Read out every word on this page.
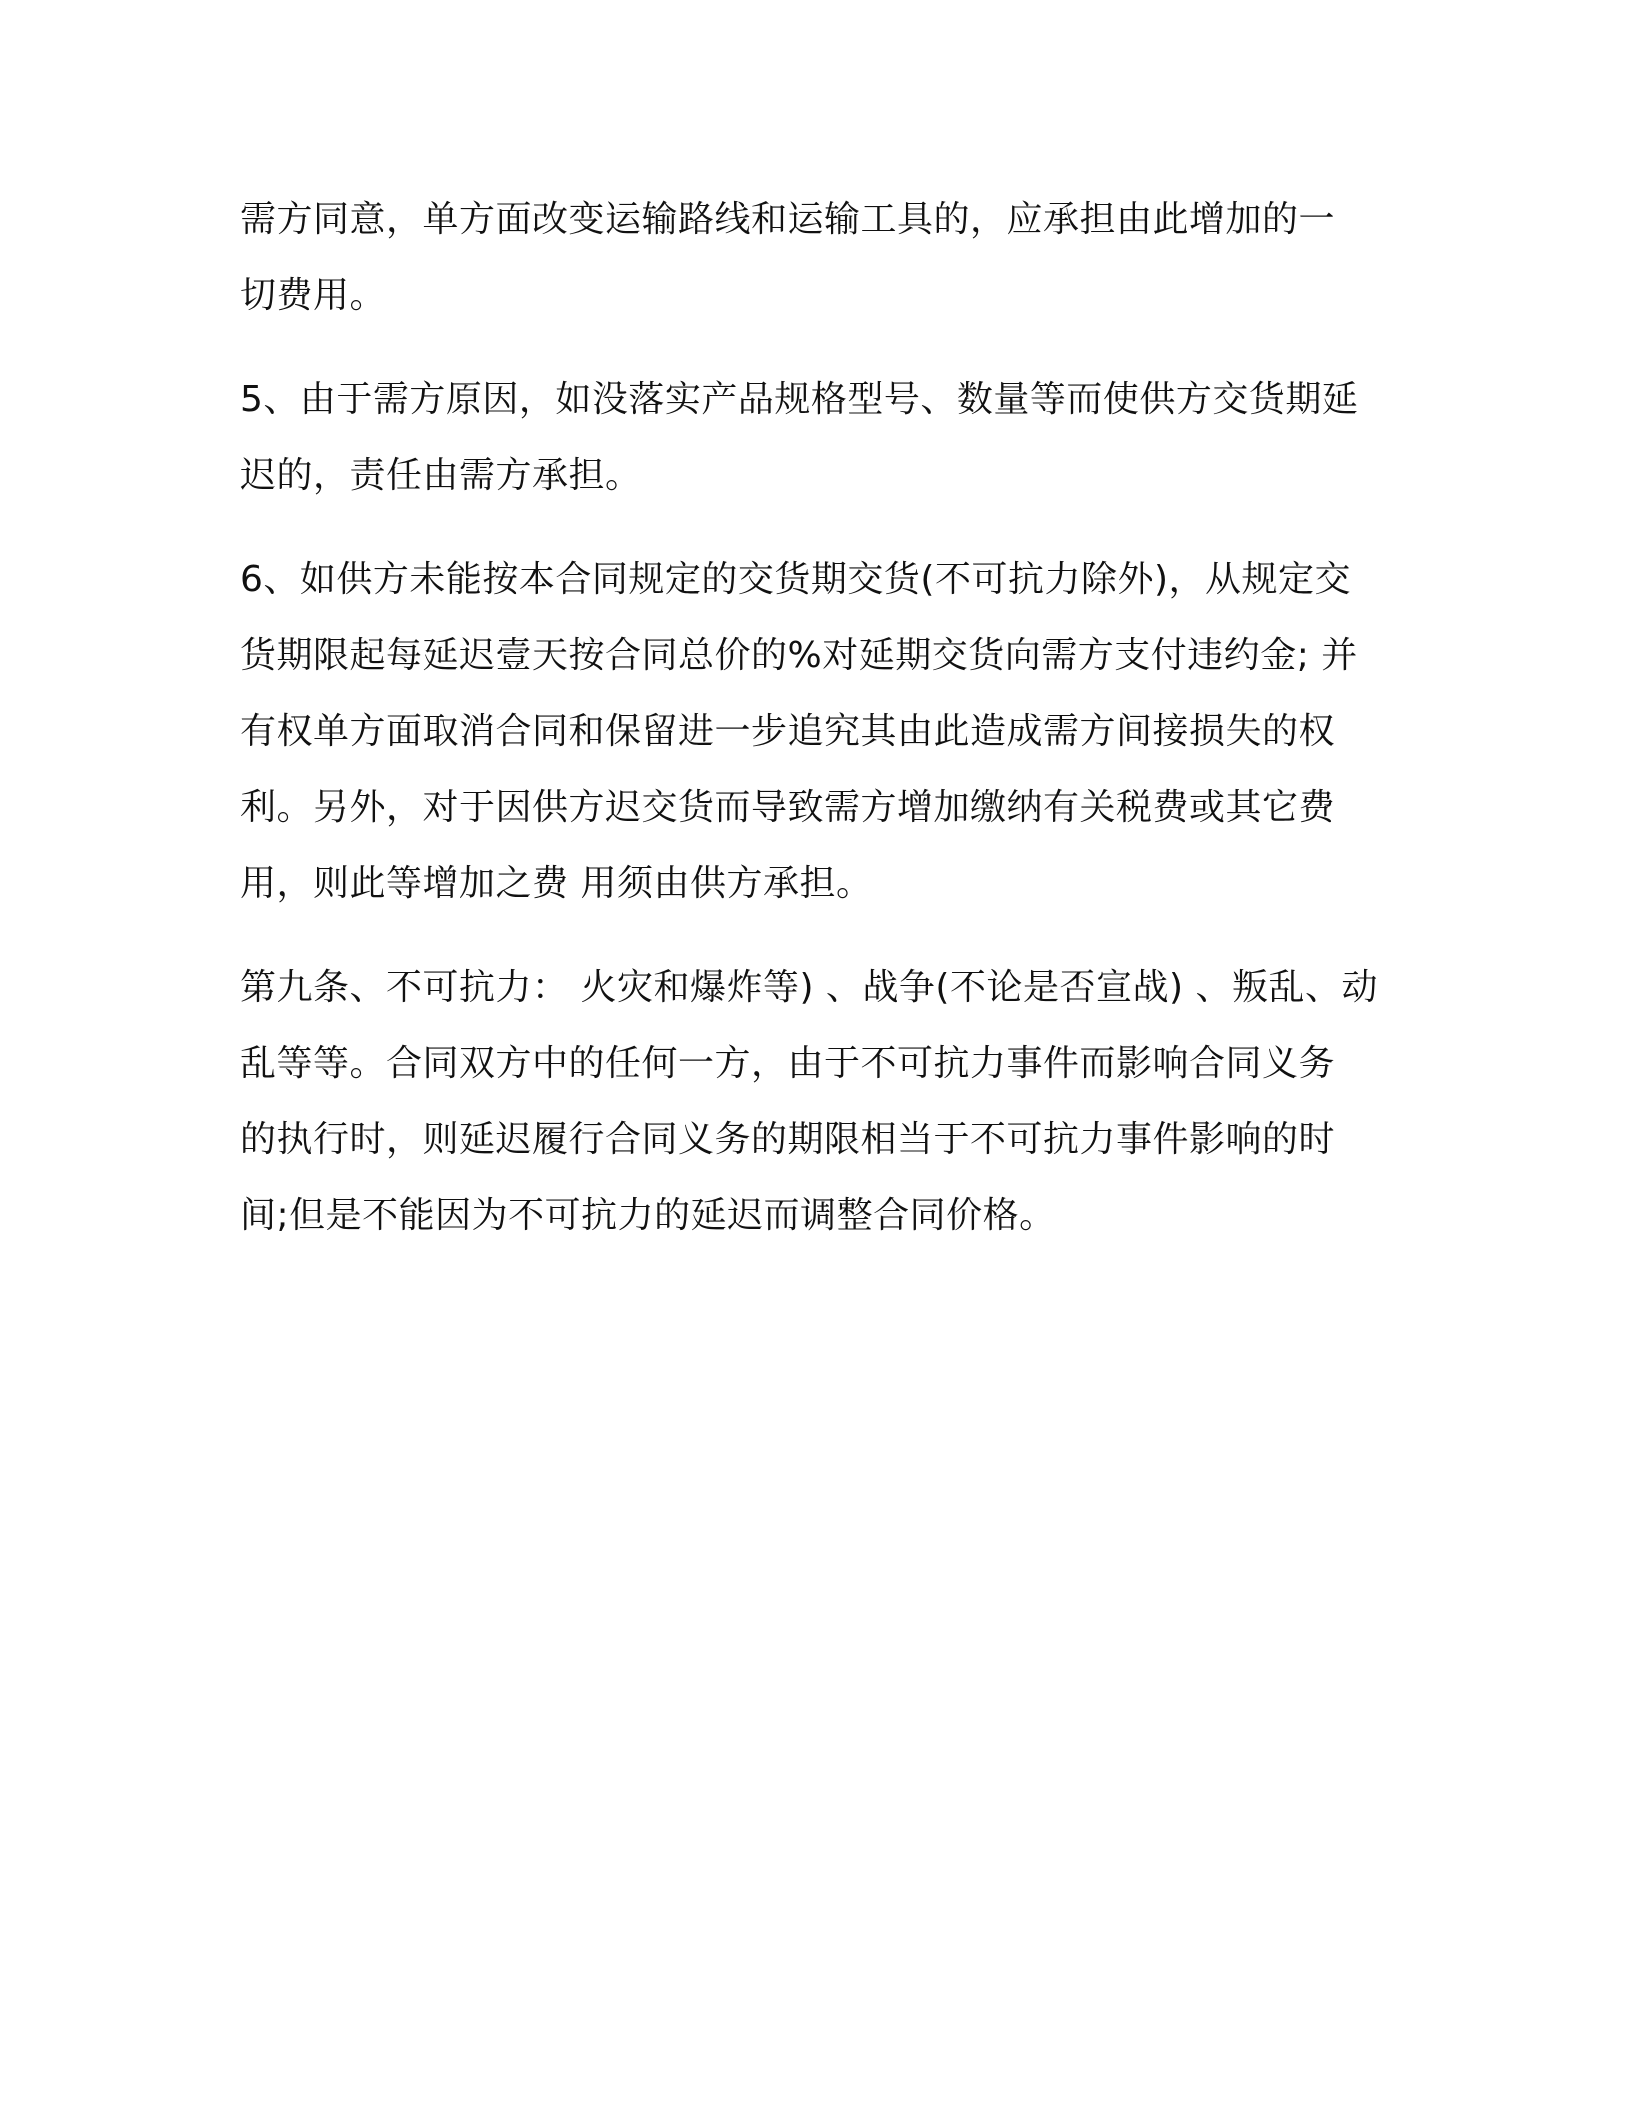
需方同意，单方面改变运输路线和运输工具的，应承担由此增加的一

切费用。

5、由于需方原因，如没落实产品规格型号、数量等而使供方交货期延

迟的，责任由需方承担。

6、如供方未能按本合同规定的交货期交货(不可抗力除外)，从规定交

货期限起每延迟壹天按合同总价的%对延期交货向需方支付违约金; 并

有权单方面取消合同和保留进一步追究其由此造成需方间接损失的权

利。另外，对于因供方迟交货而导致需方增加缴纳有关税费或其它费

用，则此等增加之费 用须由供方承担。

第九条、不可抗力： 火灾和爆炸等) 、战争(不论是否宣战) 、叛乱、动

乱等等。合同双方中的任何一方，由于不可抗力事件而影响合同义务

的执行时，则延迟履行合同义务的期限相当于不可抗力事件影响的时

间;但是不能因为不可抗力的延迟而调整合同价格。
